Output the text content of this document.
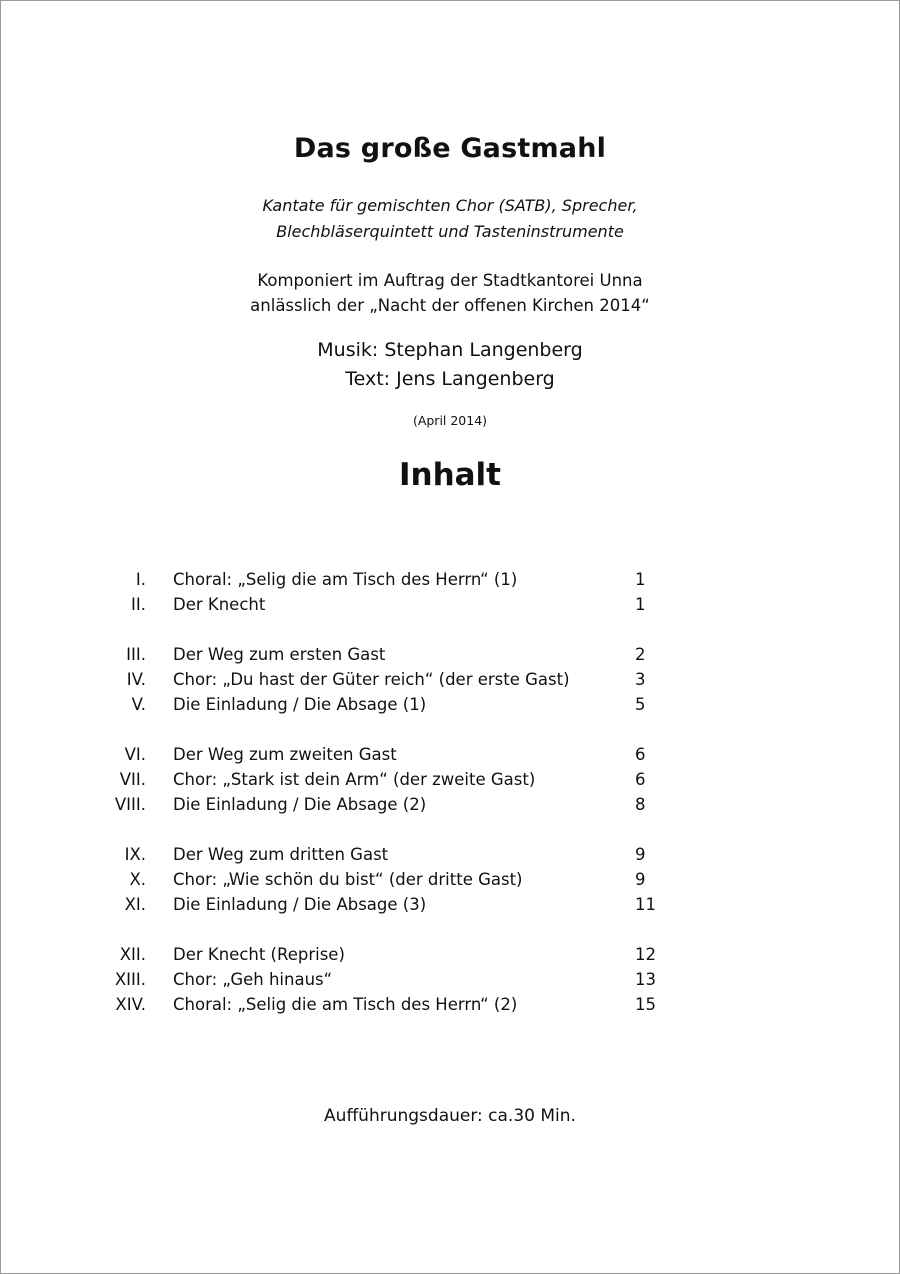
Das große Gastmahl
Kantate für gemischten Chor (SATB), Sprecher,
Blechbläserquintett und Tasteninstrumente
Komponiert im Auftrag der Stadtkantorei Unna
anlässlich der „Nacht der offenen Kirchen 2014“
Musik: Stephan Langenberg
Text: Jens Langenberg
(April 2014)
Inhalt
I. Choral: „Selig die am Tisch des Herrn“ (1)	1
II. Der Knecht	1
III. Der Weg zum ersten Gast	2
IV. Chor: „Du hast der Güter reich“ (der erste Gast)	3
V. Die Einladung / Die Absage (1)	5
VI. Der Weg zum zweiten Gast	6
VII. Chor: „Stark ist dein Arm“ (der zweite Gast)	6
VIII. Die Einladung / Die Absage (2)	8
IX. Der Weg zum dritten Gast	9
X. Chor: „Wie schön du bist“ (der dritte Gast)	9
XI. Die Einladung / Die Absage (3)	11
XII. Der Knecht (Reprise)	12
XIII. Chor: „Geh hinaus“	13
XIV. Choral: „Selig die am Tisch des Herrn“ (2)	15
Aufführungsdauer: ca.30 Min.
